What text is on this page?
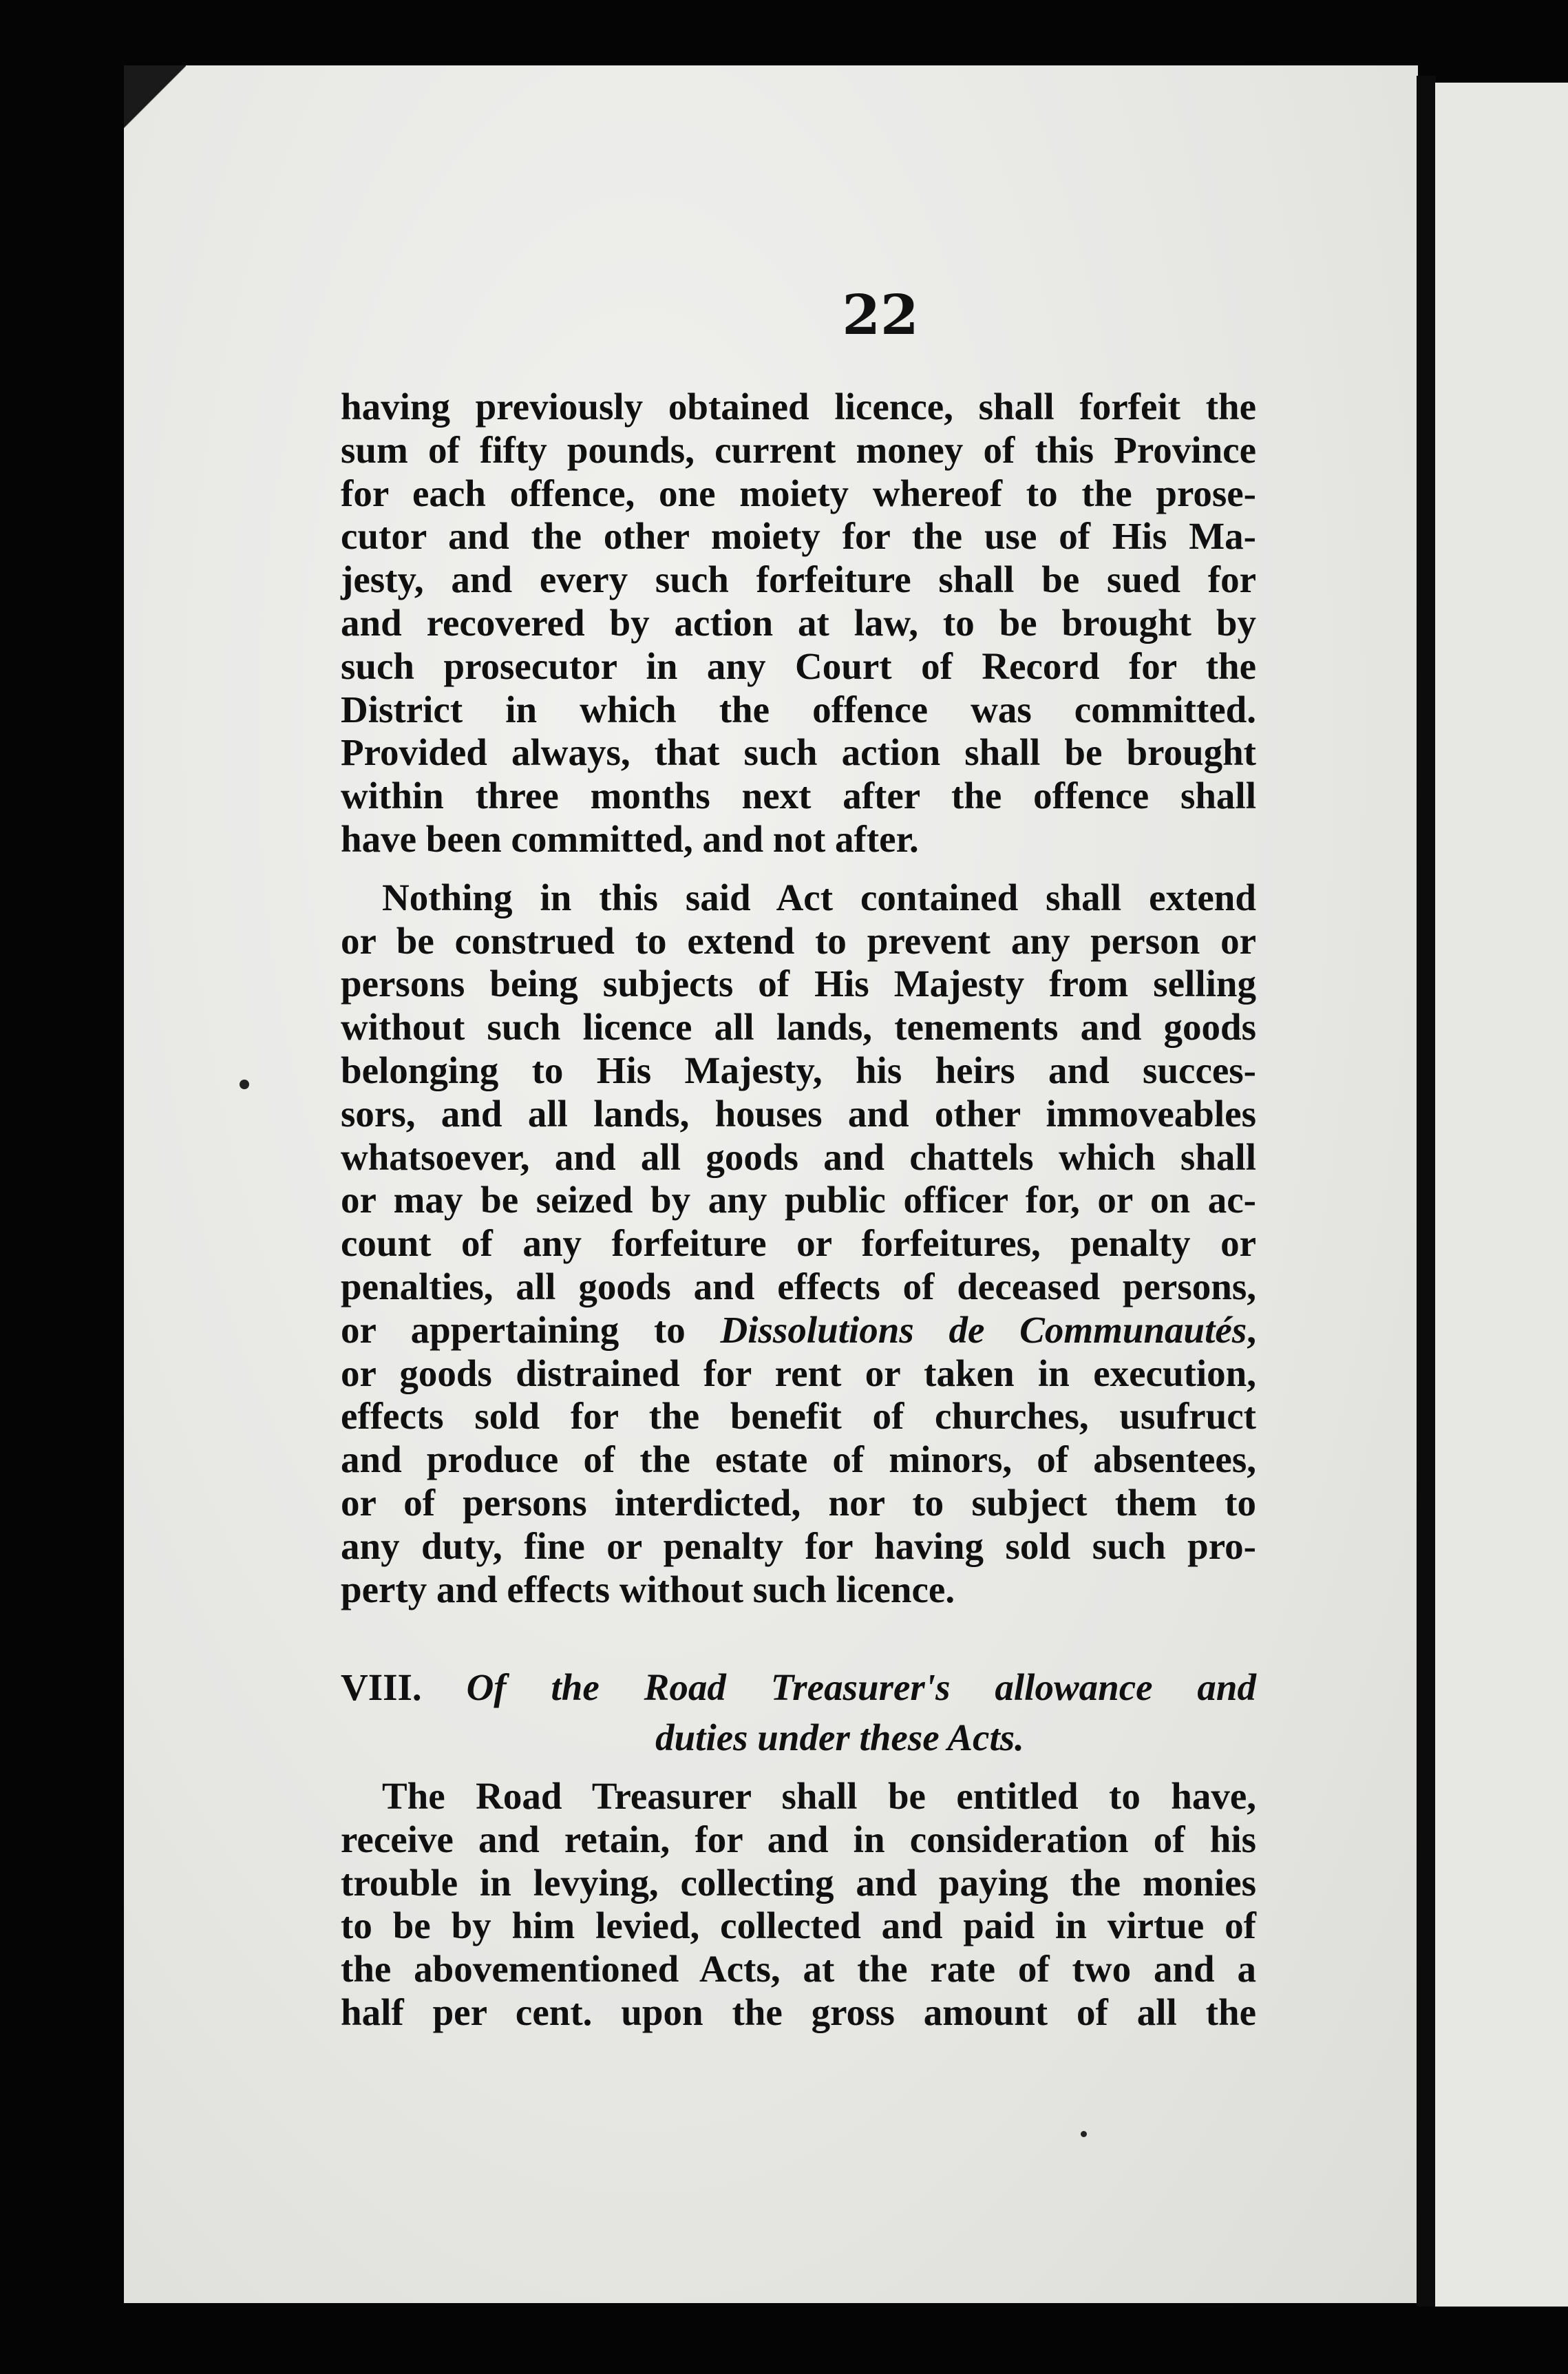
22
having previously obtained licence, shall forfeit the
sum of fifty pounds, current money of this Province
for each offence, one moiety whereof to the prose-
cutor and the other moiety for the use of His Ma-
jesty, and every such forfeiture shall be sued for
and recovered by action at law, to be brought by
such prosecutor in any Court of Record for the
District in which the offence was committed.
Provided always, that such action shall be brought
within three months next after the offence shall
have been committed, and not after.
Nothing in this said Act contained shall extend
or be construed to extend to prevent any person or
persons being subjects of His Majesty from selling
without such licence all lands, tenements and goods
belonging to His Majesty, his heirs and succes-
sors, and all lands, houses and other immoveables
whatsoever, and all goods and chattels which shall
or may be seized by any public officer for, or on ac-
count of any forfeiture or forfeitures, penalty or
penalties, all goods and effects of deceased persons,
or appertaining to Dissolutions de Communautés,
or goods distrained for rent or taken in execution,
effects sold for the benefit of churches, usufruct
and produce of the estate of minors, of absentees,
or of persons interdicted, nor to subject them to
any duty, fine or penalty for having sold such pro-
perty and effects without such licence.
VIII. Of the Road Treasurer's allowance and
duties under these Acts.
The Road Treasurer shall be entitled to have,
receive and retain, for and in consideration of his
trouble in levying, collecting and paying the monies
to be by him levied, collected and paid in virtue of
the abovementioned Acts, at the rate of two and a
half per cent. upon the gross amount of all the
